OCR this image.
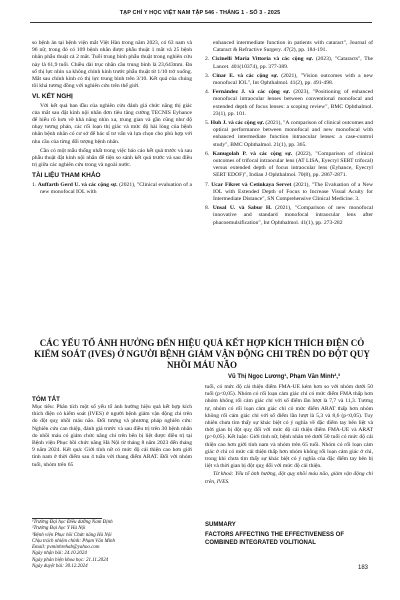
TẠP CHÍ Y HỌC VIỆT NAM TẬP 546 - THÁNG 1 - SỐ 3 - 2025

so bệnh án tại bệnh viện mắt Việt Hàn trong năm 2023, có 63 nam và 96 nữ, trong đó có 109 bệnh nhân được phẫu thuật 1 mắt và 25 bệnh nhân phẫu thuật cả 2 mắt. Tuổi trung bình phẫu thuật trong nghiên cứu này là 61,9 tuổi. Chiều dài trục nhãn cầu trung bình là 23,643mm. Đa số thị lực nhìn xa không chỉnh kính trước phẫu thuật từ 1/10 trở xuống. Mắt sau chỉnh kính có thị lực trung bình trên 3/10. Kết quả của chúng tôi khá tương đồng với nghiên cứu trên thế giới.

VI. KẾT NGHỊ

Với kết quả ban đầu của nghiên cứu đánh giá chức năng thị giác của mắt sau đặt kính nội nhãn đơn tiêu tăng cường TECNIS Eyhance để hiểu rõ hơn về khả năng nhìn xa, trung gian và gần cũng như độ nhạy tương phản, các rối loạn thị giác và mức độ hài lòng của bệnh nhân bệnh nhân có cơ sở để bác sĩ tư vấn và lựa chọn cho phù hợp với nhu cầu của từng đối tượng bệnh nhân.

Cần có một mẫu thống nhất trong việc báo cáo kết quả trước và sau phẫu thuật đặt kính nội nhãn để tiện so sánh kết quả trước và sau điều trị giữa các nghiên cứu trong và ngoài nước.

TÀI LIỆU THAM KHẢO

1. Auffarth Gerd U. và các cộng sự. (2021), "Clinical evaluation of a new monofocal IOL with

enhanced intermediate function in patients with cataract", Journal of Cataract & Refractive Surgery. 47(2), pp. 184-191.

2. Cicinelli Maria Vittoria và các cộng sự. (2023), "Cataracts", The Lancet. 401(10374), pp. 377-389.

3. Cinar E. và các cộng sự. (2021), "Vision outcomes with a new monofocal IOL", Int Ophthalmol. 41(2), pp. 491-498.

4. Fernández J. và các cộng sự. (2023), "Positioning of enhanced monofocal intraocular lenses between conventional monofocal and extended depth of focus lenses: a scoping review", BMC Ophthalmol. 23(1), pp. 101.

5. Huh J. và các cộng sự. (2021), "A comparison of clinical outcomes and optical performance between monofocal and new monofocal with enhanced intermediate function intraocular lenses: a case-control study", BMC Ophthalmol. 21(1), pp. 365.

6. Kanugolah P. và các cộng sự. (2022), "Comparison of clinical outcomes of trifocal intraocular lens (AT LISA, Eyecryl SERT trifocal) versus extended depth of focus intraocular lens (Eyhance, Eyecryl SERT EDOF)", Indian J Ophthalmol. 70(8), pp. 2867-2871.

7. Ucar Fikret và Cetinkaya Servet (2021), "The Evaluation of a New IOL with Extended Depth of Focus to Increase Visual Acuity for Intermediate Distance", SN Comprehensive Clinical Medicine. 3.

8. Unsal U. và Sabur H. (2021), "Comparison of new monofocal innovative and standard monofocal intraocular lens after phacoemulsification", Int Ophthalmol. 41(1), pp. 273-282

CÁC YẾU TỐ ẢNH HƯỞNG ĐẾN HIỆU QUẢ KẾT HỢP KÍCH THÍCH ĐIỆN CỎ KIỂM SOÁT (IVES) Ở NGƯỜI BỆNH GIẢM VẬN ĐỘNG CHI TRÊN DO ĐỘT QUỴ NHỒI MÁU NÃO
Vũ Thị Ngọc Lương¹, Phạm Văn Minh²,³
TÓM TẮT
Mục tiêu: Phân tích một số yếu tố ảnh hưởng hiệu quả kết hợp kích thích điện cỏ kiểm soát (IVES) ở người bệnh giảm vận động chi trên do đột quỵ nhồi máu não. Đối tượng và phương pháp nghiên cứu: Nghiên cứu can thiệp, đánh giá trước và sau điều trị trên 30 bệnh nhân do nhồi máu có giảm chức năng chi trên bên bị liệt được điều trị tại Bệnh viện Phục hồi chức năng Hà Nội từ tháng 8 năm 2023 đến tháng 9 năm 2024. Kết quả: Giới tính nữ có mức độ cải thiện cao hơn giới tính nam ở thời điểm sau 4 tuần với thang điểm ARAT. Đối với nhóm tuổi, nhóm trên 65
tuổi, có mức độ cải thiện điểm FMA-UE kém hơn so với nhóm dưới 50 tuổi (p<0,05). Nhóm có rối loạn cảm giác chỉ có mức điểm FMA thấp hơn nhóm không rối cảm giác chỉ với số điểm lần lượt là 7,7 và 11,3. Tương tự, nhóm có rối loạn cảm giác chỉ có mức điểm ARAT thấp hơn nhóm không rối cảm giác chỉ với số điểm lần lượt là 5,3 và 8,6 (p<0,05). Tuy nhiên chưa tìm thấy sự khác biệt có ý nghĩa về đặc điểm tay bên liệt và thời gian bị đột quỵ đối với mức độ cải thiện điểm FMA-UE và ARAT (p>0,05). Kết luận: Giới tính nữ, bệnh nhân trẻ dưới 50 tuổi có mức độ cải thiện cao hơn giới tính nam và nhóm trên 65 tuổi. Nhóm có rối loạn cảm giác ở chi có mức cải thiện thấp hơn nhóm không rối loạn cảm giác ở chi, trong khi chưa tìm thấy sự khác biệt có ý nghĩa của đặc điểm tay bên bị liệt và thời gian bị đột quỵ đối với mức độ cải thiện.
Từ khoá: Yếu tố ảnh hưởng, đột quỵ nhồi máu não, giảm vận động chi trên, IVES.
¹Trường Đại học Điều dưỡng Nam Định
²Trường Đại học Y Hà Nội
³Bệnh viện Phục hồi Chức năng Hà Nội
Chịu trách nhiệm chính: Phạm Văn Minh
Email: pvminhrehab@yahoo.com
Ngày nhận bài: 24.10.2024
Ngày phản biện khoa học: 21.11.2024
Ngày duyệt bài: 30.12.2024
SUMMARY
FACTORS AFFECTING THE EFFECTIVENESS OF COMBINED INTEGRATED VOLITIONAL
183
